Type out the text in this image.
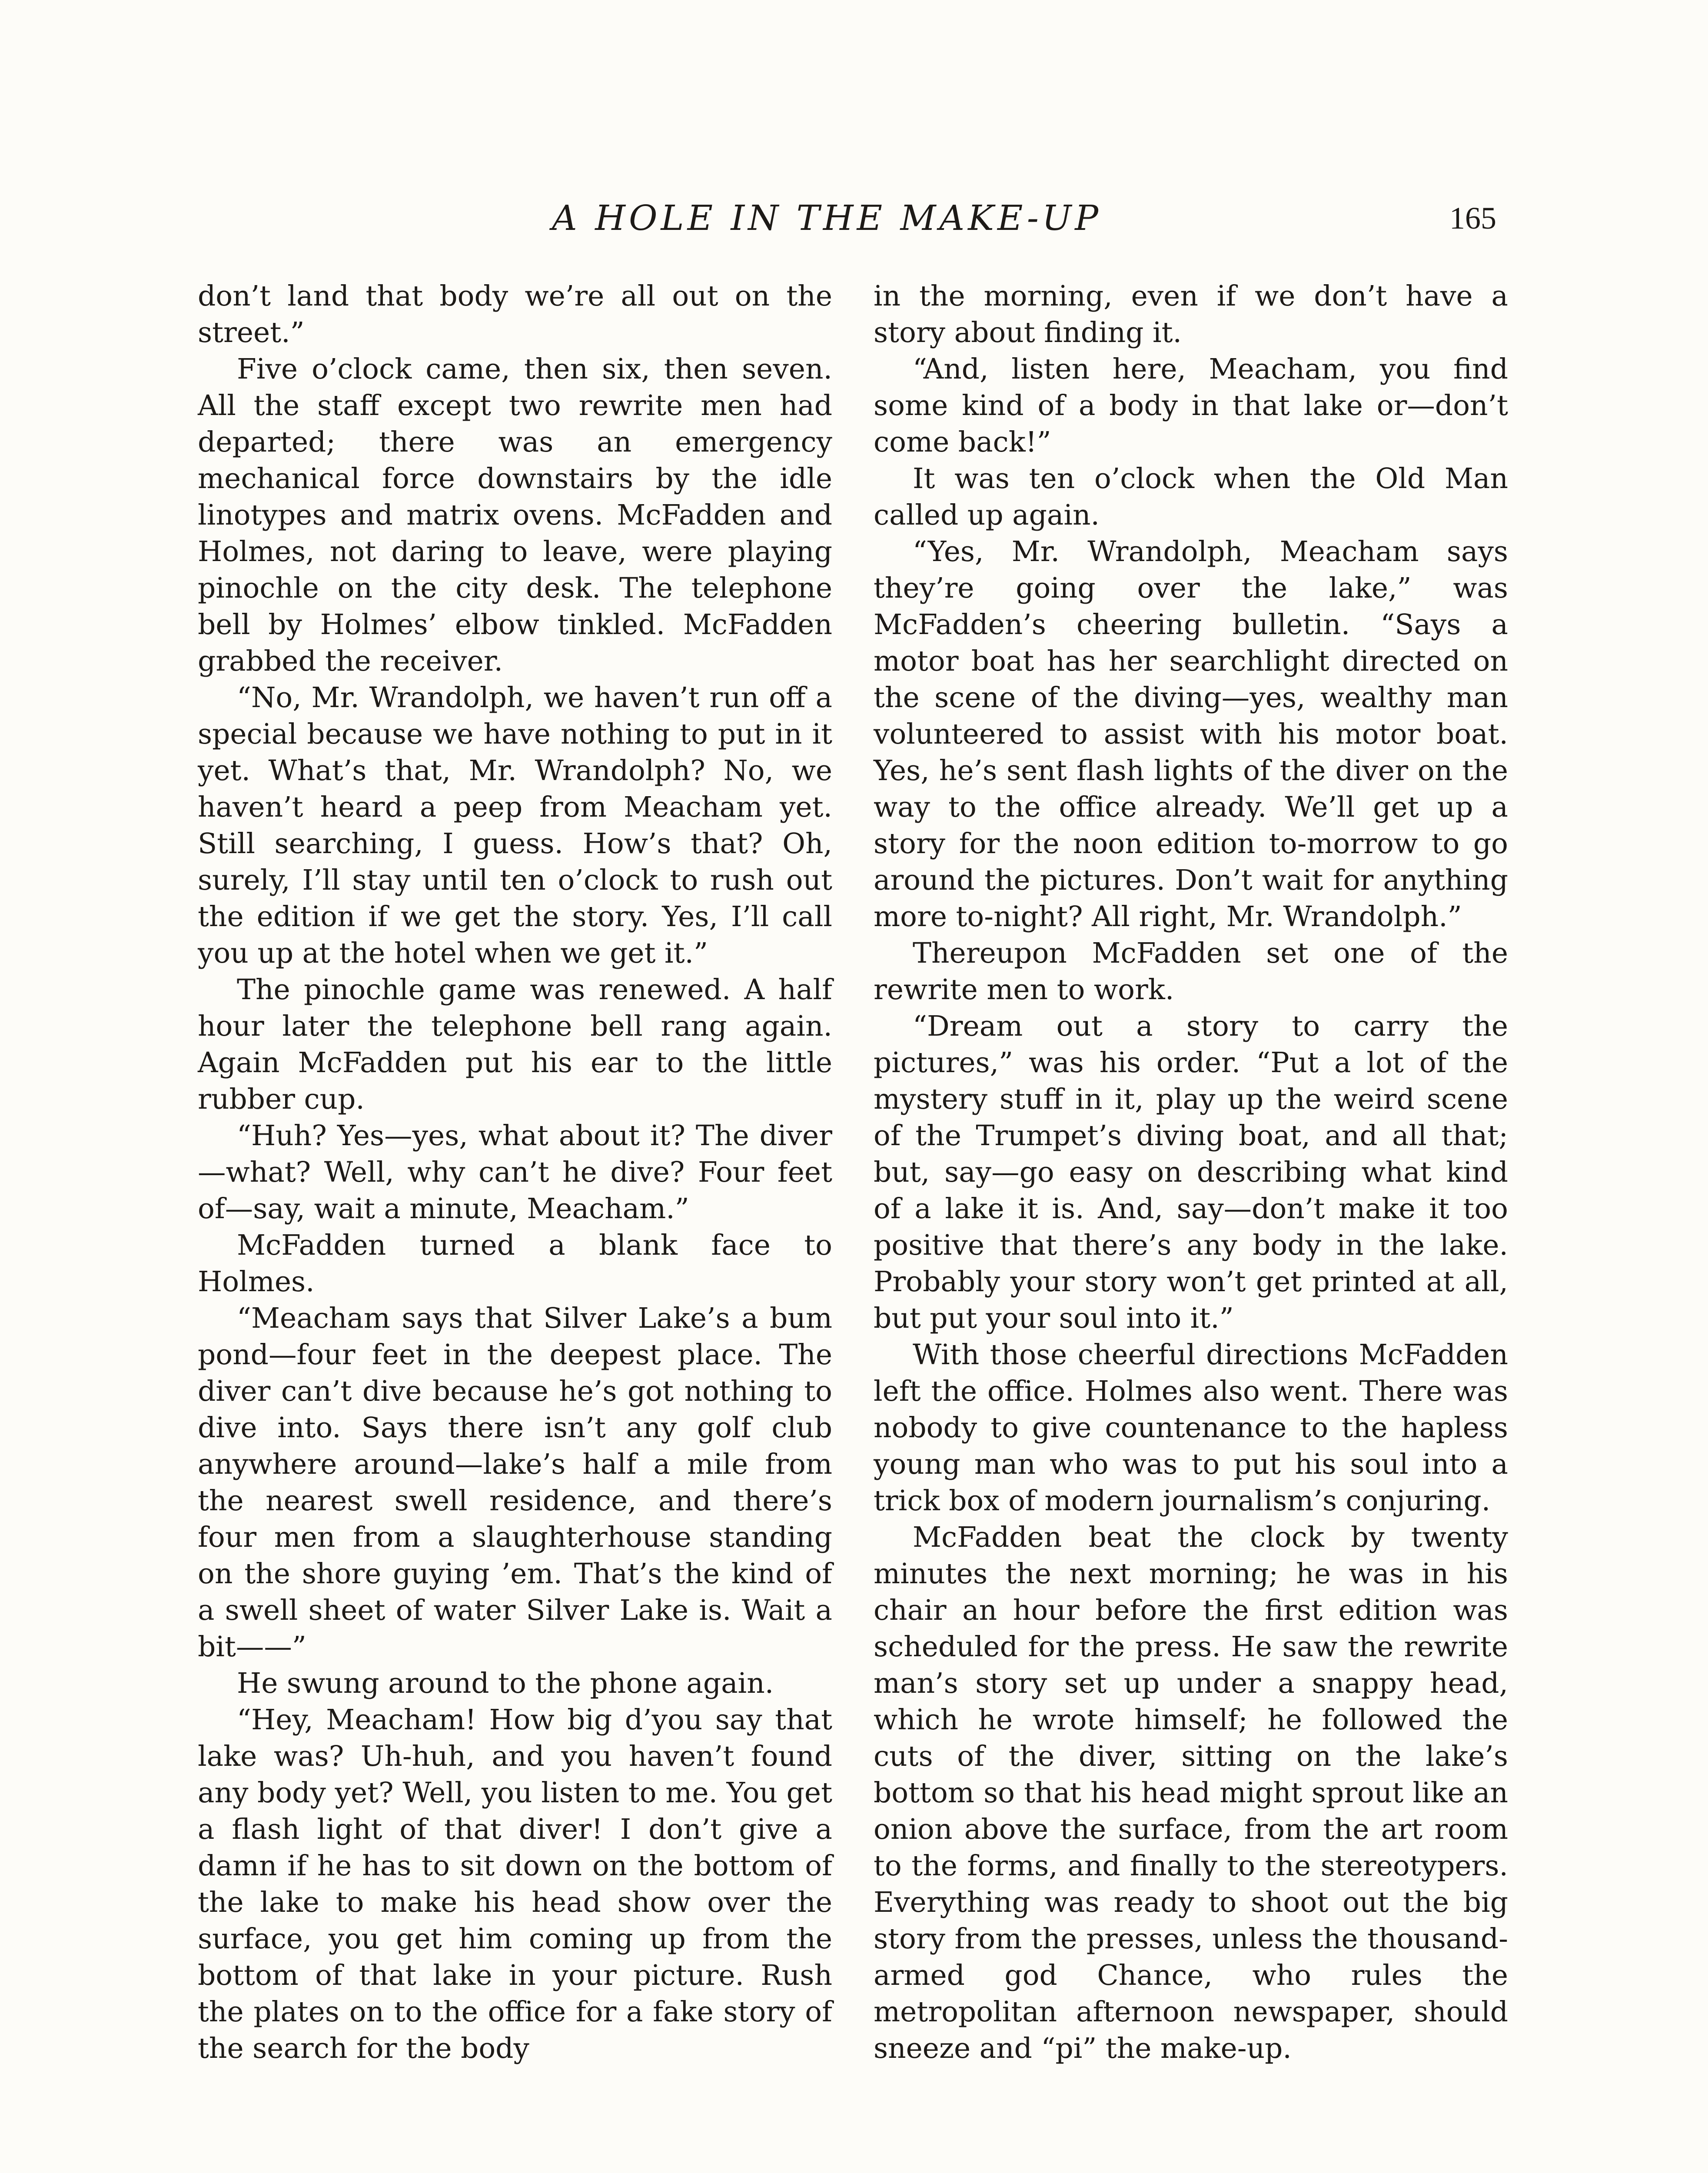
A HOLE IN THE MAKE-UP	165

don’t land that body we’re all out on the street.”

Five o’clock came, then six, then seven. All the staff except two rewrite men had departed; there was an emergency mechanical force downstairs by the idle linotypes and matrix ovens. McFadden and Holmes, not daring to leave, were playing pinochle on the city desk. The telephone bell by Holmes’ elbow tinkled. McFadden grabbed the receiver.

“No, Mr. Wrandolph, we haven’t run off a special because we have nothing to put in it yet. What’s that, Mr. Wrandolph? No, we haven’t heard a peep from Meacham yet. Still searching, I guess. How’s that? Oh, surely, I’ll stay until ten o’clock to rush out the edition if we get the story. Yes, I’ll call you up at the hotel when we get it.”

The pinochle game was renewed. A half hour later the telephone bell rang again. Again McFadden put his ear to the little rubber cup.

“Huh? Yes—yes, what about it? The diver—what? Well, why can’t he dive? Four feet of—say, wait a minute, Meacham.”

McFadden turned a blank face to Holmes.

“Meacham says that Silver Lake’s a bum pond—four feet in the deepest place. The diver can’t dive because he’s got nothing to dive into. Says there isn’t any golf club anywhere around—lake’s half a mile from the nearest swell residence, and there’s four men from a slaughterhouse standing on the shore guying ’em. That’s the kind of a swell sheet of water Silver Lake is. Wait a bit——”

He swung around to the phone again.

“Hey, Meacham! How big d’you say that lake was? Uh-huh, and you haven’t found any body yet? Well, you listen to me. You get a flash light of that diver! I don’t give a damn if he has to sit down on the bottom of the lake to make his head show over the surface, you get him coming up from the bottom of that lake in your picture. Rush the plates on to the office for a fake story of the search for the body

in the morning, even if we don’t have a story about finding it.

“And, listen here, Meacham, you find some kind of a body in that lake or—don’t come back!”

It was ten o’clock when the Old Man called up again.

“Yes, Mr. Wrandolph, Meacham says they’re going over the lake,” was McFadden’s cheering bulletin. “Says a motor boat has her searchlight directed on the scene of the diving—yes, wealthy man volunteered to assist with his motor boat. Yes, he’s sent flash lights of the diver on the way to the office already. We’ll get up a story for the noon edition to-morrow to go around the pictures. Don’t wait for anything more to-night? All right, Mr. Wrandolph.”

Thereupon McFadden set one of the rewrite men to work.

“Dream out a story to carry the pictures,” was his order. “Put a lot of the mystery stuff in it, play up the weird scene of the Trumpet’s diving boat, and all that; but, say—go easy on describing what kind of a lake it is. And, say—don’t make it too positive that there’s any body in the lake. Probably your story won’t get printed at all, but put your soul into it.”

With those cheerful directions McFadden left the office. Holmes also went. There was nobody to give countenance to the hapless young man who was to put his soul into a trick box of modern journalism’s conjuring.

McFadden beat the clock by twenty minutes the next morning; he was in his chair an hour before the first edition was scheduled for the press. He saw the rewrite man’s story set up under a snappy head, which he wrote himself; he followed the cuts of the diver, sitting on the lake’s bottom so that his head might sprout like an onion above the surface, from the art room to the forms, and finally to the stereotypers. Everything was ready to shoot out the big story from the presses, unless the thousand-armed god Chance, who rules the metropolitan afternoon newspaper, should sneeze and “pi” the make-up.
